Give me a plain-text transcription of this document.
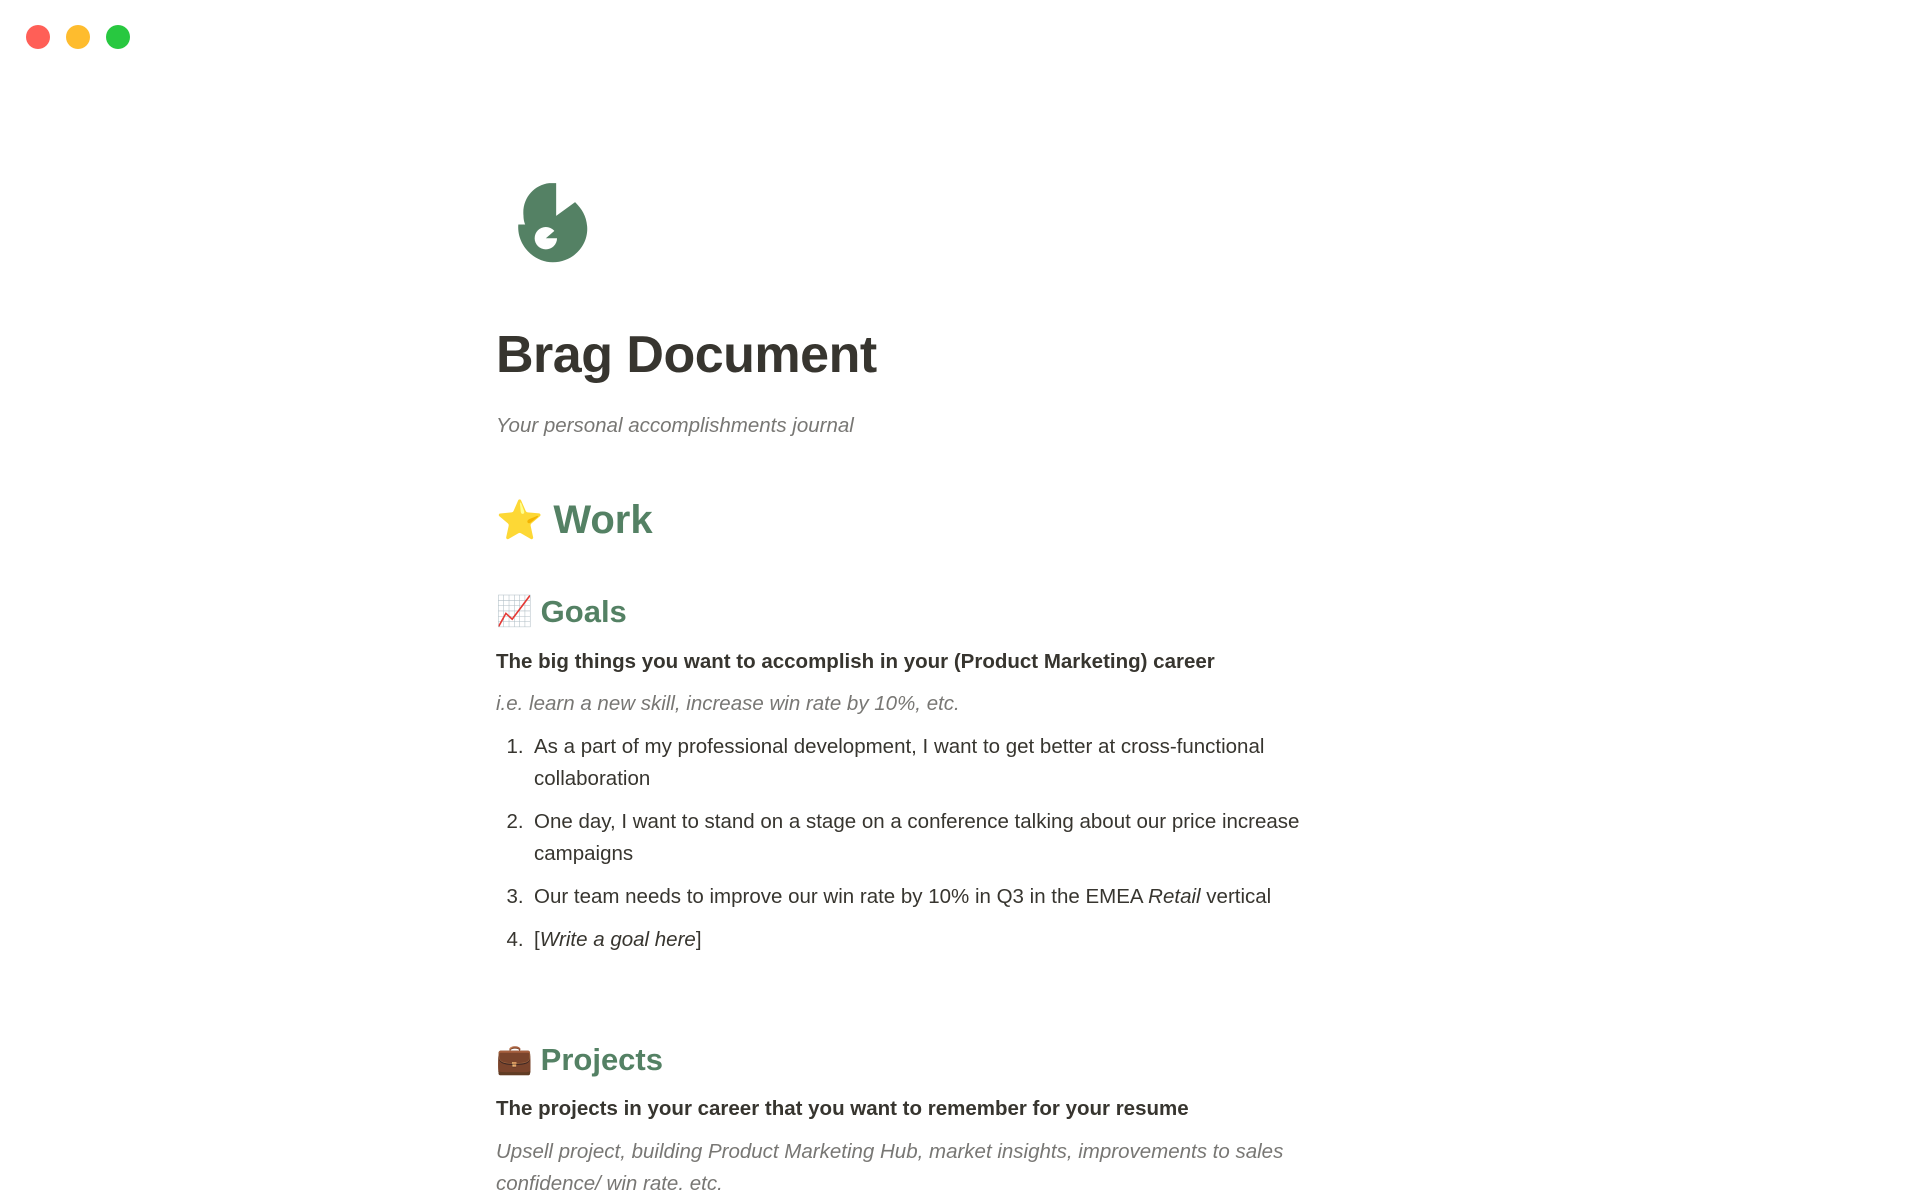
Brag Document
Your personal accomplishments journal
⭐ Work
📈 Goals
The big things you want to accomplish in your (Product Marketing) career
i.e. learn a new skill, increase win rate by 10%, etc.
1. As a part of my professional development, I want to get better at cross-functional collaboration
2. One day, I want to stand on a stage on a conference talking about our price increase campaigns
3. Our team needs to improve our win rate by 10% in Q3 in the EMEA Retail vertical
4. [Write a goal here]
💼 Projects
The projects in your career that you want to remember for your resume
Upsell project, building Product Marketing Hub, market insights, improvements to sales confidence/ win rate. etc.
